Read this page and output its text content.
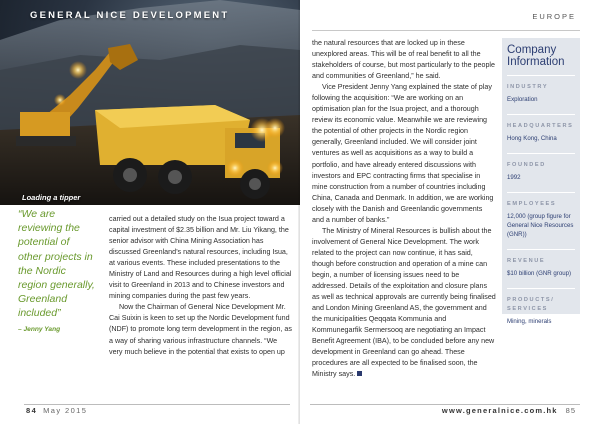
GENERAL NICE DEVELOPMENT
Loading a tipper
“We are reviewing the potential of other projects in the Nordic region generally, Greenland included”
– Jenny Yang

carried out a detailed study on the Isua project toward a capital investment of $2.35 billion and Mr. Liu Yikang, the senior advisor with China Mining Association has discussed Greenland’s natural resources, including Isua, at various events. These included presentations to the Ministry of Land and Resources during a high level official visit to Greenland in 2013 and to Chinese investors and mining companies during the past few years.

Now the Chairman of General Nice Development Mr. Cai Suixin is keen to set up the Nordic Development fund (NDF) to promote long term development in the region, as a way of sharing various infrastructure channels. “We very much believe in the potential that exists to open up

84 May 2015
EUROPE

the natural resources that are locked up in these unexplored areas. This will be of real benefit to all the stakeholders of course, but most particularly to the people and communities of Greenland,” he said.

Vice President Jenny Yang explained the state of play following the acquisition: “We are working on an optimisation plan for the Isua project, and a thorough review its economic value. Meanwhile we are reviewing the potential of other projects in the Nordic region generally, Greenland included. We will consider joint ventures as well as acquisitions as a way to build a portfolio, and have already entered discussions with investors and EPC contracting firms that specialise in mine construction from a number of countries including China, Canada and Denmark. In addition, we are working closely with the Danish and Greenlandic governments and a number of banks.”

The Ministry of Mineral Resources is bullish about the involvement of General Nice Development. The work related to the project can now continue, it has said, though before construction and operation of a mine can begin, a number of licensing issues need to be addressed. Details of the exploitation and closure plans as well as technical approvals are currently being finalised and London Mining Greenland AS, the government and the municipalities Qeqqata Kommunia and Kommunegarfik Sermersooq are negotiating an Impact Benefit Agreement (IBA), to be concluded before any new development in Greenland can go ahead. These procedures are all expected to be finalised soon, the Ministry says.

Company Information
INDUSTRY
Exploration
HEADQUARTERS
Hong Kong, China
FOUNDED
1992
EMPLOYEES
12,000 (group figure for General Nice Resources (GNR))
REVENUE
$10 billion (GNR group)
PRODUCTS/ SERVICES
Mining, minerals
www.generalnice.com.hk 85
